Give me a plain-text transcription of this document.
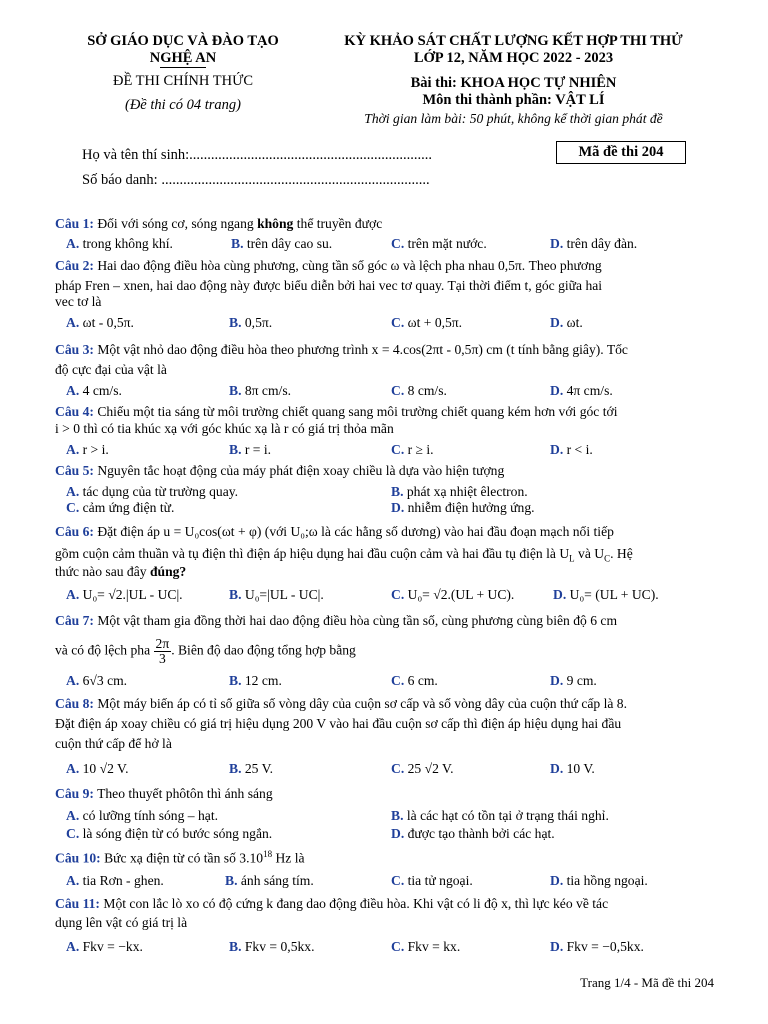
SỞ GIÁO DỤC VÀ ĐÀO TẠO
NGHỆ AN
ĐỀ THI CHÍNH THỨC
(Đề thi có 04 trang)
KỲ KHẢO SÁT CHẤT LƯỢNG KẾT HỢP THI THỬ
LỚP 12, NĂM HỌC 2022 - 2023
Bài thi: KHOA HỌC TỰ NHIÊN
Môn thi thành phần: VẬT LÍ
Thời gian làm bài: 50 phút, không kể thời gian phát đề
Họ và tên thí sinh:...................................................................
Số báo danh: ..........................................................................
Mã đề thi 204
Câu 1: Đối với sóng cơ, sóng ngang không thể truyền được
A. trong không khí.	B. trên dây cao su.	C. trên mặt nước.	D. trên dây đàn.
Câu 2: Hai dao động điều hòa cùng phương, cùng tần số góc ω và lệch pha nhau 0,5π. Theo phương
pháp Fren – xnen, hai dao động này được biểu diễn bởi hai vec tơ quay. Tại thời điểm t, góc giữa hai
vec tơ là
A. ωt - 0,5π.	B. 0,5π.	C. ωt + 0,5π.	D. ωt.
Câu 3: Một vật nhỏ dao động điều hòa theo phương trình x = 4.cos(2πt - 0,5π) cm (t tính bằng giây). Tốc
độ cực đại của vật là
A. 4 cm/s.	B. 8π cm/s.	C. 8 cm/s.	D. 4π cm/s.
Câu 4: Chiếu một tia sáng từ môi trường chiết quang sang môi trường chiết quang kém hơn với góc tới
i > 0 thì có tia khúc xạ với góc khúc xạ là r có giá trị thỏa mãn
A. r > i.	B. r = i.	C. r ≥ i.	D. r < i.
Câu 5: Nguyên tắc hoạt động của máy phát điện xoay chiều là dựa vào hiện tượng
A. tác dụng của từ trường quay.	B. phát xạ nhiệt êlectron.
C. cảm ứng điện từ.	D. nhiễm điện hưởng ứng.
Câu 6: Đặt điện áp u = U₀cos(ωt + φ) (với U₀;ω là các hằng số dương) vào hai đầu đoạn mạch nối tiếp
gồm cuộn cảm thuần và tụ điện thì điện áp hiệu dụng hai đầu cuộn cảm và hai đầu tụ điện là $U_L$ và $U_C$. Hệ
thức nào sau đây đúng?
A. U₀= √2.|UL - UC|.	B. U₀=|UL - UC|.	C. U₀= √2.(UL + UC).	D. U₀= (UL + UC).
Câu 7: Một vật tham gia đồng thời hai dao động điều hòa cùng tần số, cùng phương cùng biên độ 6 cm
và có độ lệch pha $\frac{2\pi}{3}$ . Biên độ dao động tổng hợp bằng
A. 6√3 cm.	B. 12 cm.	C. 6 cm.	D. 9 cm.
Câu 8: Một máy biến áp có tỉ số giữa số vòng dây của cuộn sơ cấp và số vòng dây của cuộn thứ cấp là 8.
Đặt điện áp xoay chiều có giá trị hiệu dụng 200 V vào hai đầu cuộn sơ cấp thì điện áp hiệu dụng hai đầu
cuộn thứ cấp để hở là
A. 10 √2 V.	B. 25 V.	C. 25 √2 V.	D. 10 V.
Câu 9: Theo thuyết phôtôn thì ánh sáng
A. có lưỡng tính sóng – hạt.	B. là các hạt có tồn tại ở trạng thái nghỉ.
C. là sóng điện từ có bước sóng ngắn.	D. được tạo thành bởi các hạt.
Câu 10: Bức xạ điện từ có tần số 3.10$^{18}$ Hz là
A. tia Rơn - ghen.	B. ánh sáng tím.	C. tia tử ngoại.	D. tia hồng ngoại.
Câu 11: Một con lắc lò xo có độ cứng k đang dao động điều hòa. Khi vật có li độ x, thì lực kéo về tác
dụng lên vật có giá trị là
A. Fkv = −kx.	B. Fkv = 0,5kx.	C. Fkv = kx.	D. Fkv = −0,5kx.
Trang 1/4 - Mã đề thi 204
